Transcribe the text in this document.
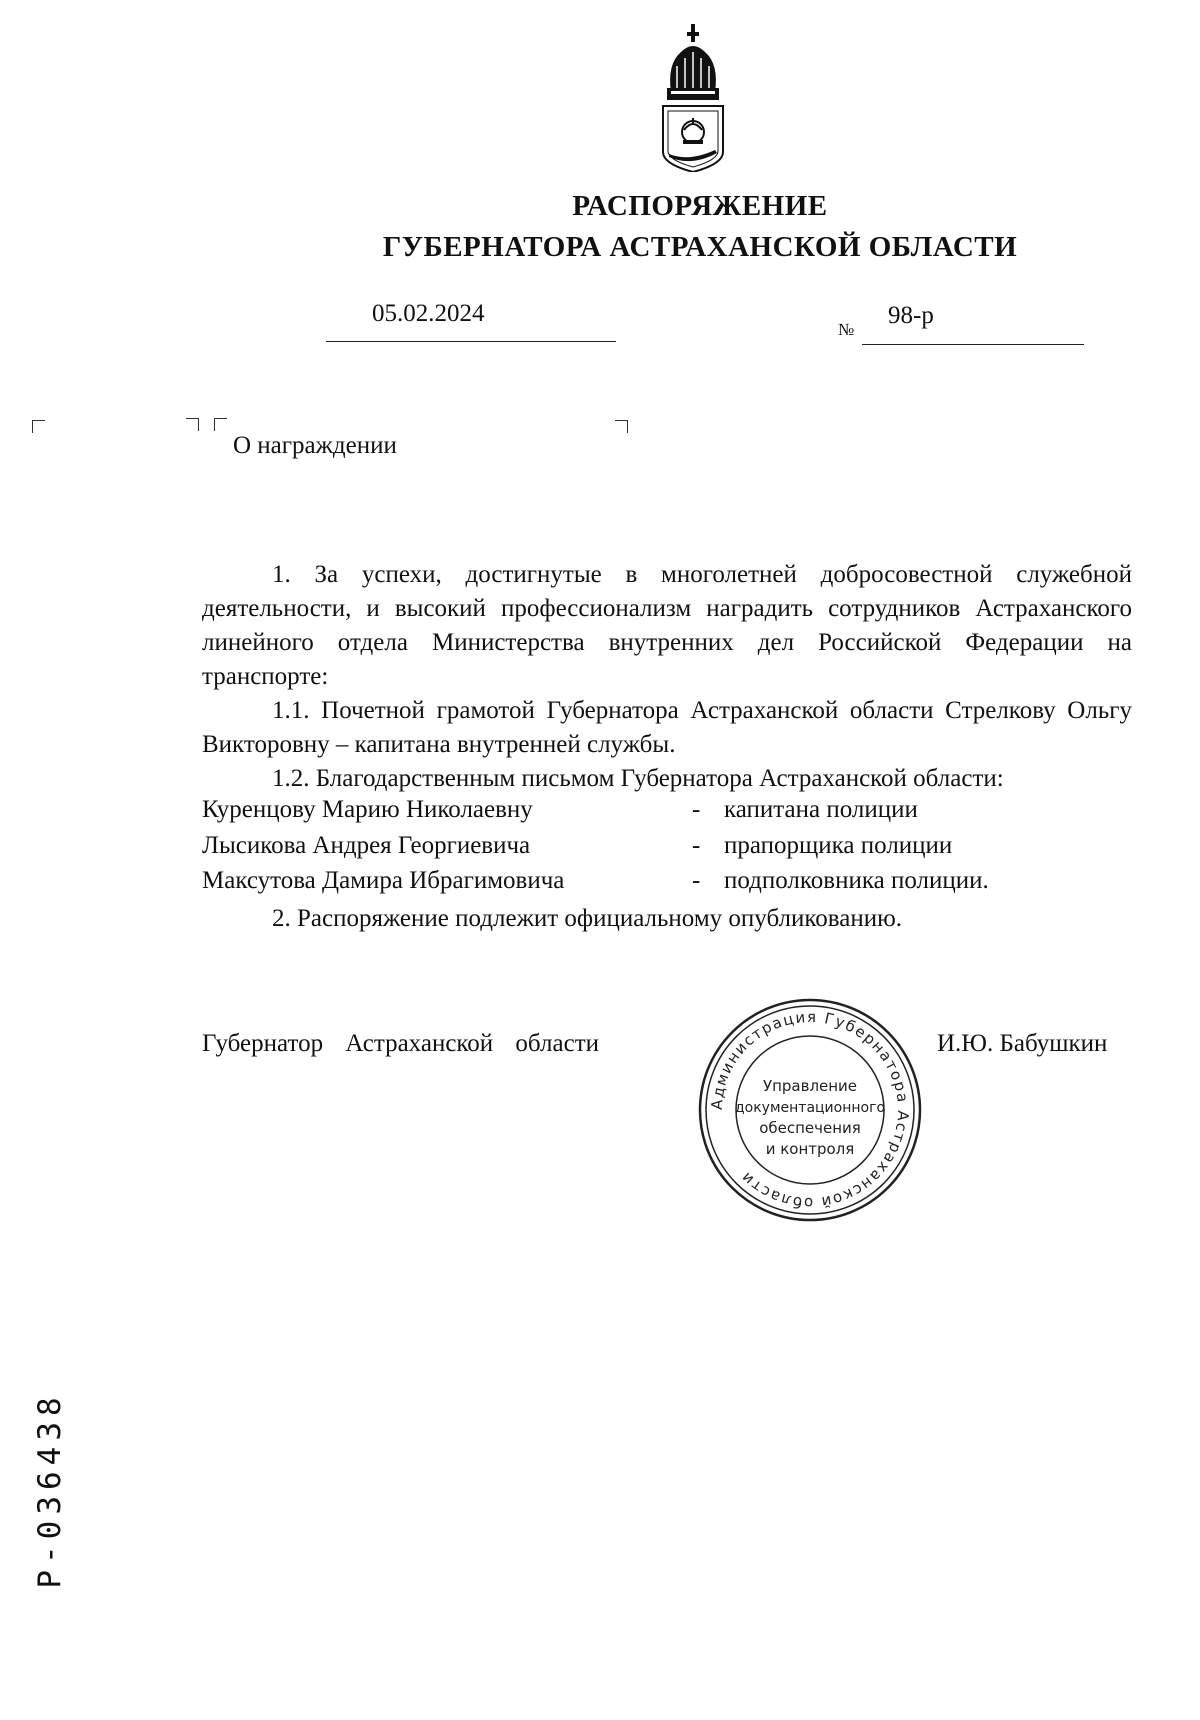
РАСПОРЯЖЕНИЕ
ГУБЕРНАТОРА АСТРАХАНСКОЙ ОБЛАСТИ
05.02.2024
№
98-р
О награждении
1. За успехи, достигнутые в многолетней добросовестной служебной деятельности, и высокий профессионализм наградить сотрудников Астраханского линейного отдела Министерства внутренних дел Российской Федерации на транспорте:
1.1. Почетной грамотой Губернатора Астраханской области Стрелкову Ольгу Викторовну – капитана внутренней службы.
1.2. Благодарственным письмом Губернатора Астраханской области:
Куренцову Марию Николаевну	- капитана полиции
Лысикова Андрея Георгиевича	- прапорщика полиции
Максутова Дамира Ибрагимовича	- подполковника полиции.
2. Распоряжение подлежит официальному опубликованию.
Губернатор Астраханской области	И.Ю. Бабушкин
Администрация Губернатора Астраханской области
Управление
документационного
обеспечения
и контроля
Р-036438
